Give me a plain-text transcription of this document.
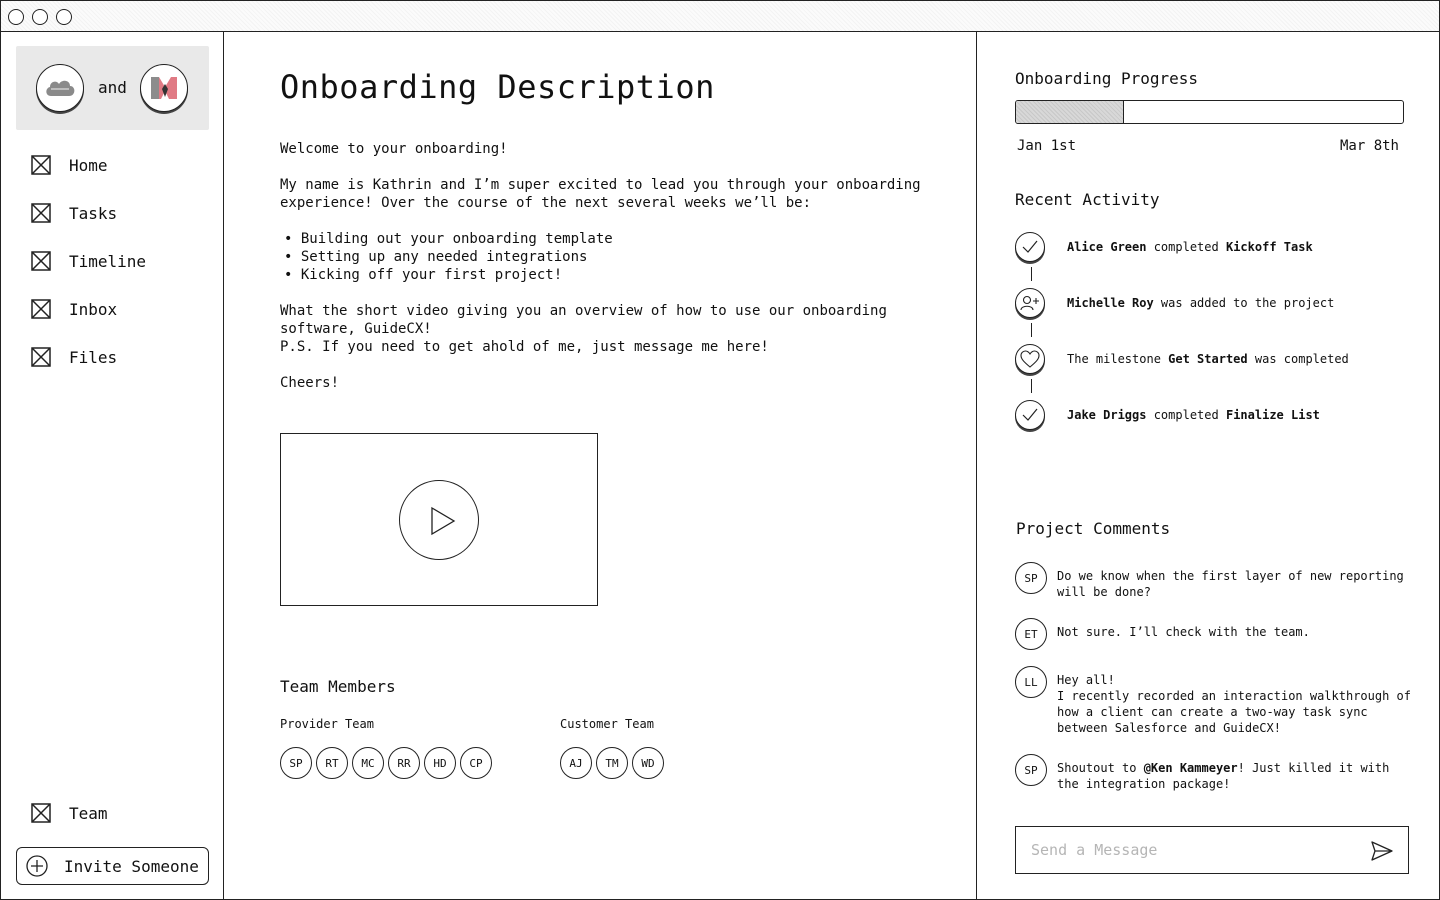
and
Home
Tasks
Timeline
Inbox
Files
Team
Invite Someone
Onboarding Description

Welcome to your onboarding!

My name is Kathrin and I’m super excited to lead you through your onboarding
experience! Over the course of the next several weeks we’ll be:

• Building out your onboarding template
• Setting up any needed integrations
• Kicking off your first project!

What the short video giving you an overview of how to use our onboarding
software, GuideCX!
P.S. If you need to get ahold of me, just message me here!

Cheers!

Team Members
Provider Team
SP	RT	MC	RR	HD	CP
Customer Team
AJ	TM	WD
Onboarding Progress
Jan 1st	Mar 8th
Recent Activity
Alice Green completed Kickoff Task
Michelle Roy was added to the project
The milestone Get Started was completed
Jake Driggs completed Finalize List
Project Comments
SP	Do we know when the first layer of new reporting
will be done?
ET	Not sure. I’ll check with the team.
LL	Hey all!
I recently recorded an interaction walkthrough of
how a client can create a two-way task sync
between Salesforce and GuideCX!
SP	Shoutout to @Ken Kammeyer! Just killed it with
the integration package!
Send a Message
